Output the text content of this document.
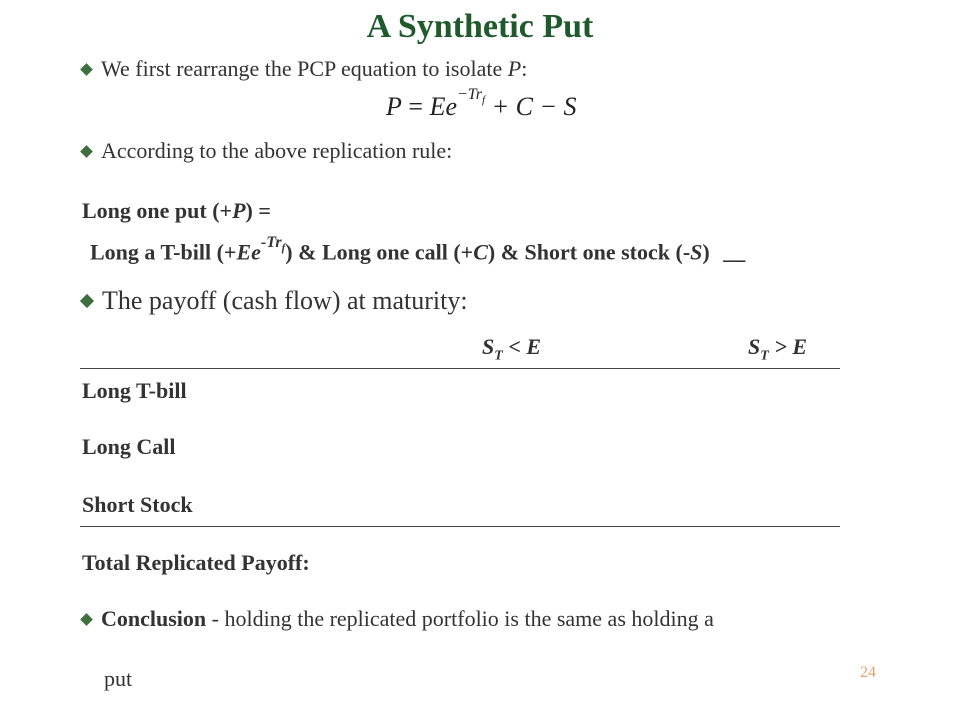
A Synthetic Put
We first rearrange the PCP equation to isolate P:
$P = Ee^{-Tr_f} + C - S$
According to the above replication rule:
Long one put (+P) =
Long a T-bill $(+Ee^{-Tr_f})$ & Long one call (+C) & Short one stock (-S) __
The payoff (cash flow) at maturity:
$S_T < E$	$S_T > E$
Long T-bill
Long Call
Short Stock
Total Replicated Payoff:
Conclusion - holding the replicated portfolio is the same as holding a
put	24
